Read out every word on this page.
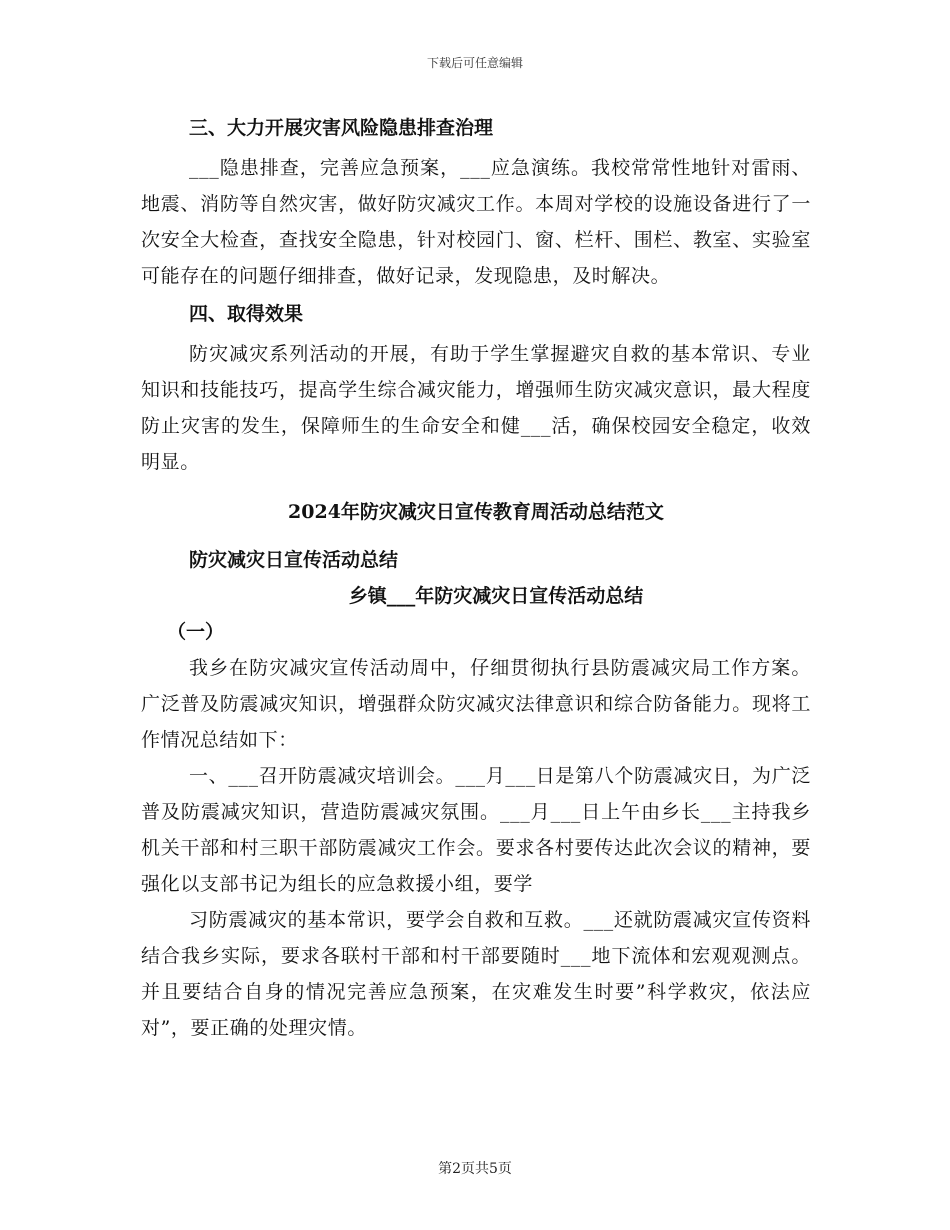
下载后可任意编辑
三、大力开展灾害风险隐患排查治理

___隐患排查，完善应急预案，___应急演练。我校常常性地针对雷雨、地震、消防等自然灾害，做好防灾减灾工作。本周对学校的设施设备进行了一次安全大检查，查找安全隐患，针对校园门、窗、栏杆、围栏、教室、实验室可能存在的问题仔细排查，做好记录，发现隐患，及时解决。

四、取得效果

防灾减灾系列活动的开展，有助于学生掌握避灾自救的基本常识、专业知识和技能技巧，提高学生综合减灾能力，增强师生防灾减灾意识，最大程度防止灾害的发生，保障师生的生命安全和健___活，确保校园安全稳定，收效明显。

2024年防灾减灾日宣传教育周活动总结范文
防灾减灾日宣传活动总结
乡镇___年防灾减灾日宣传活动总结
（一）

我乡在防灾减灾宣传活动周中，仔细贯彻执行县防震减灾局工作方案。广泛普及防震减灾知识，增强群众防灾减灾法律意识和综合防备能力。现将工作情况总结如下：

一、___召开防震减灾培训会。___月___日是第八个防震减灾日，为广泛普及防震减灾知识，营造防震减灾氛围。___月___日上午由乡长___主持我乡机关干部和村三职干部防震减灾工作会。要求各村要传达此次会议的精神，要强化以支部书记为组长的应急救援小组，要学

习防震减灾的基本常识，要学会自救和互救。___还就防震减灾宣传资料结合我乡实际，要求各联村干部和村干部要随时___地下流体和宏观观测点。并且要结合自身的情况完善应急预案，在灾难发生时要”科学救灾，依法应对”，要正确的处理灾情。

第2页共5页
